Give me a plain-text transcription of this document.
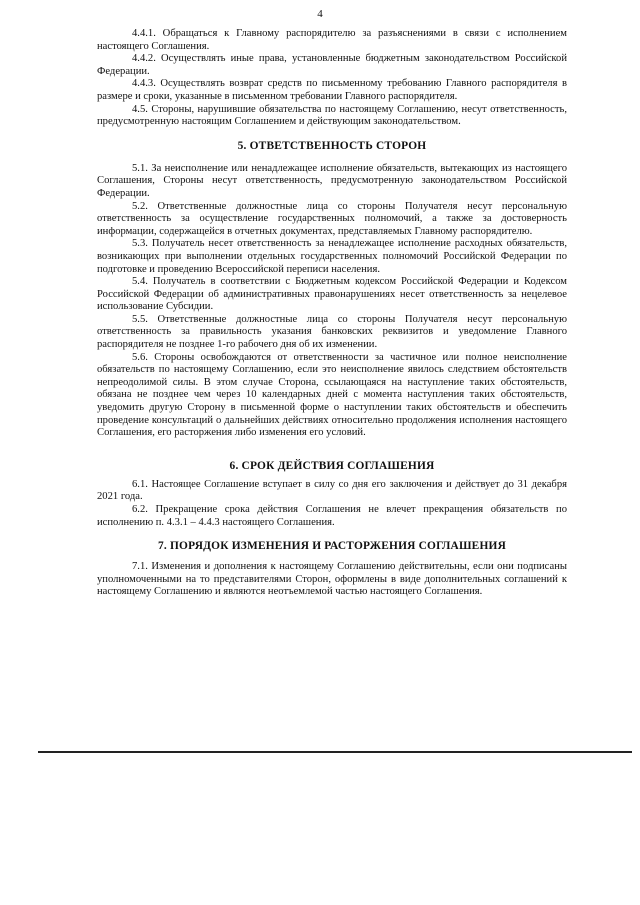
4

4.4.1. Обращаться к Главному распорядителю за разъяснениями в связи с исполнением настоящего Соглашения.

4.4.2. Осуществлять иные права, установленные бюджетным законодательством Российской Федерации.

4.4.3. Осуществлять возврат средств по письменному требованию Главного распорядителя в размере и сроки, указанные в письменном требовании Главного распорядителя.

4.5. Стороны, нарушившие обязательства по настоящему Соглашению, несут ответственность, предусмотренную настоящим Соглашением и действующим законодательством.

5. ОТВЕТСТВЕННОСТЬ СТОРОН

5.1. За неисполнение или ненадлежащее исполнение обязательств, вытекающих из настоящего Соглашения, Стороны несут ответственность, предусмотренную законодательством Российской Федерации.

5.2. Ответственные должностные лица со стороны Получателя несут персональную ответственность за осуществление государственных полномочий, а также за достоверность информации, содержащейся в отчетных документах, представляемых Главному распорядителю.

5.3. Получатель несет ответственность за ненадлежащее исполнение расходных обязательств, возникающих при выполнении отдельных государственных полномочий Российской Федерации по подготовке и проведению Всероссийской переписи населения.

5.4. Получатель в соответствии с Бюджетным кодексом Российской Федерации и Кодексом Российской Федерации об административных правонарушениях несет ответственность за нецелевое использование Субсидии.

5.5. Ответственные должностные лица со стороны Получателя несут персональную ответственность за правильность указания банковских реквизитов и уведомление Главного распорядителя не позднее 1-го рабочего дня об их изменении.

5.6. Стороны освобождаются от ответственности за частичное или полное неисполнение обязательств по настоящему Соглашению, если это неисполнение явилось следствием обстоятельств непреодолимой силы. В этом случае Сторона, ссылающаяся на наступление таких обстоятельств, обязана не позднее чем через 10 календарных дней с момента наступления таких обстоятельств, уведомить другую Сторону в письменной форме о наступлении таких обстоятельств и обеспечить проведение консультаций о дальнейших действиях относительно продолжения исполнения настоящего Соглашения, его расторжения либо изменения его условий.

6. СРОК ДЕЙСТВИЯ СОГЛАШЕНИЯ

6.1. Настоящее Соглашение вступает в силу со дня его заключения и действует до 31 декабря 2021 года.

6.2. Прекращение срока действия Соглашения не влечет прекращения обязательств по исполнению п. 4.3.1 – 4.4.3 настоящего Соглашения.

7. ПОРЯДОК ИЗМЕНЕНИЯ И РАСТОРЖЕНИЯ СОГЛАШЕНИЯ

7.1. Изменения и дополнения к настоящему Соглашению действительны, если они подписаны уполномоченными на то представителями Сторон, оформлены в виде дополнительных соглашений к настоящему Соглашению и являются неотъемлемой частью настоящего Соглашения.
